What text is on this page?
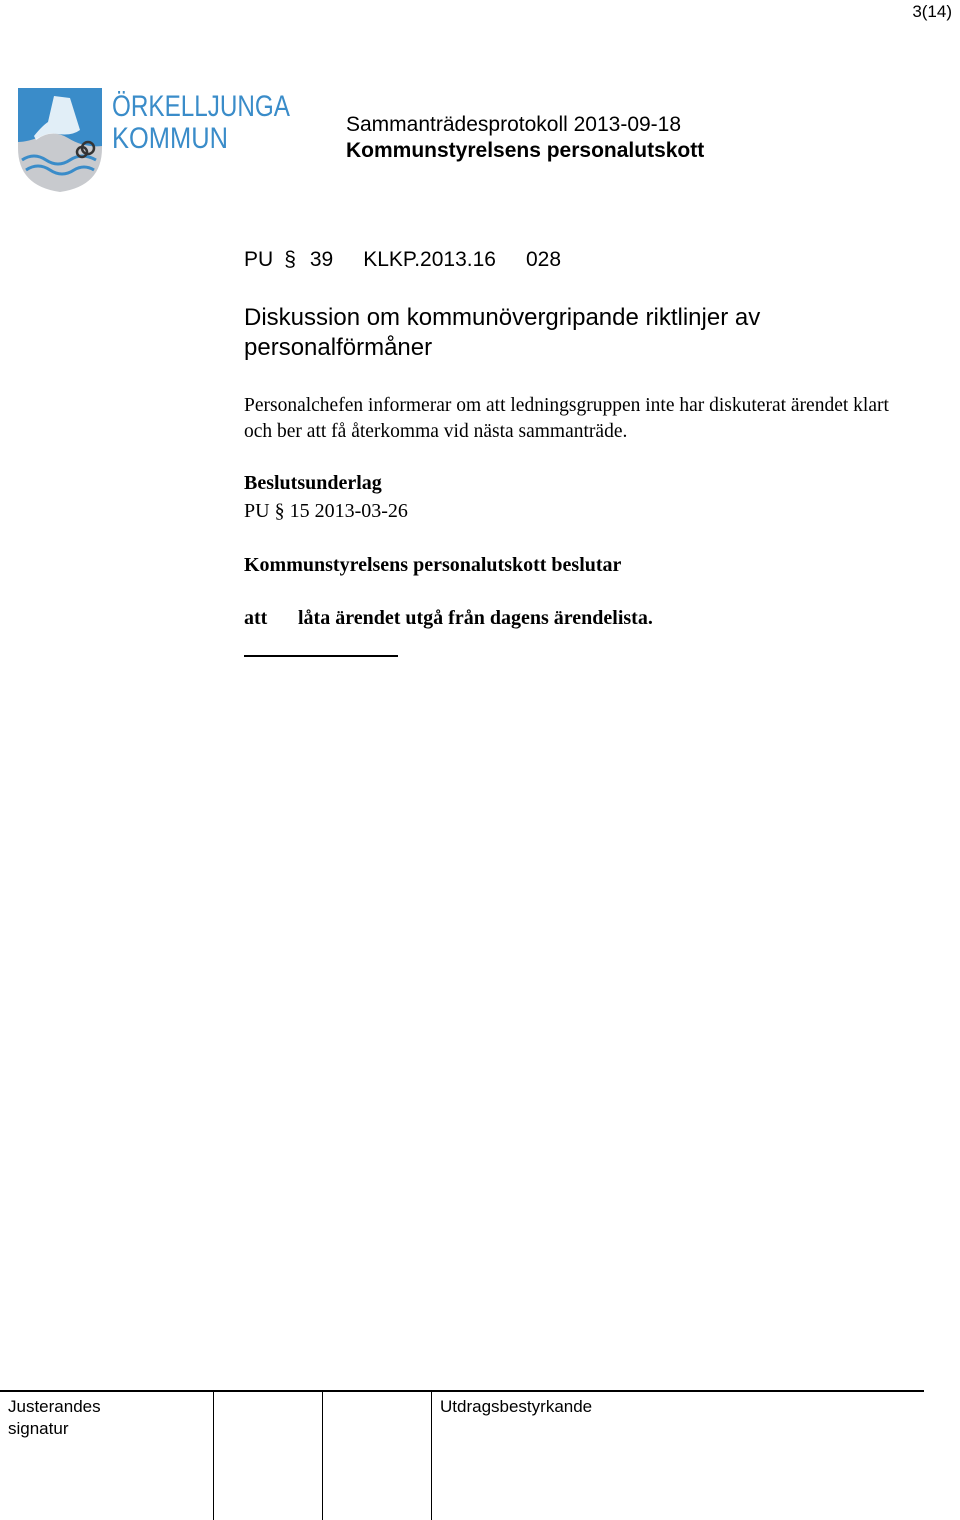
3(14)
ÖRKELLJUNGA
KOMMUN	Sammanträdesprotokoll 2013-09-18
Kommunstyrelsens personalutskott
PU § 39 KLKP.2013.16 028
Diskussion om kommunövergripande riktlinjer av personalförmåner
Personalchefen informerar om att ledningsgruppen inte har diskuterat ärendet klart och ber att få återkomma vid nästa sammanträde.
Beslutsunderlag
PU § 15 2013-03-26
Kommunstyrelsens personalutskott beslutar
att låta ärendet utgå från dagens ärendelista.
Justerandes
signatur
Utdragsbestyrkande
